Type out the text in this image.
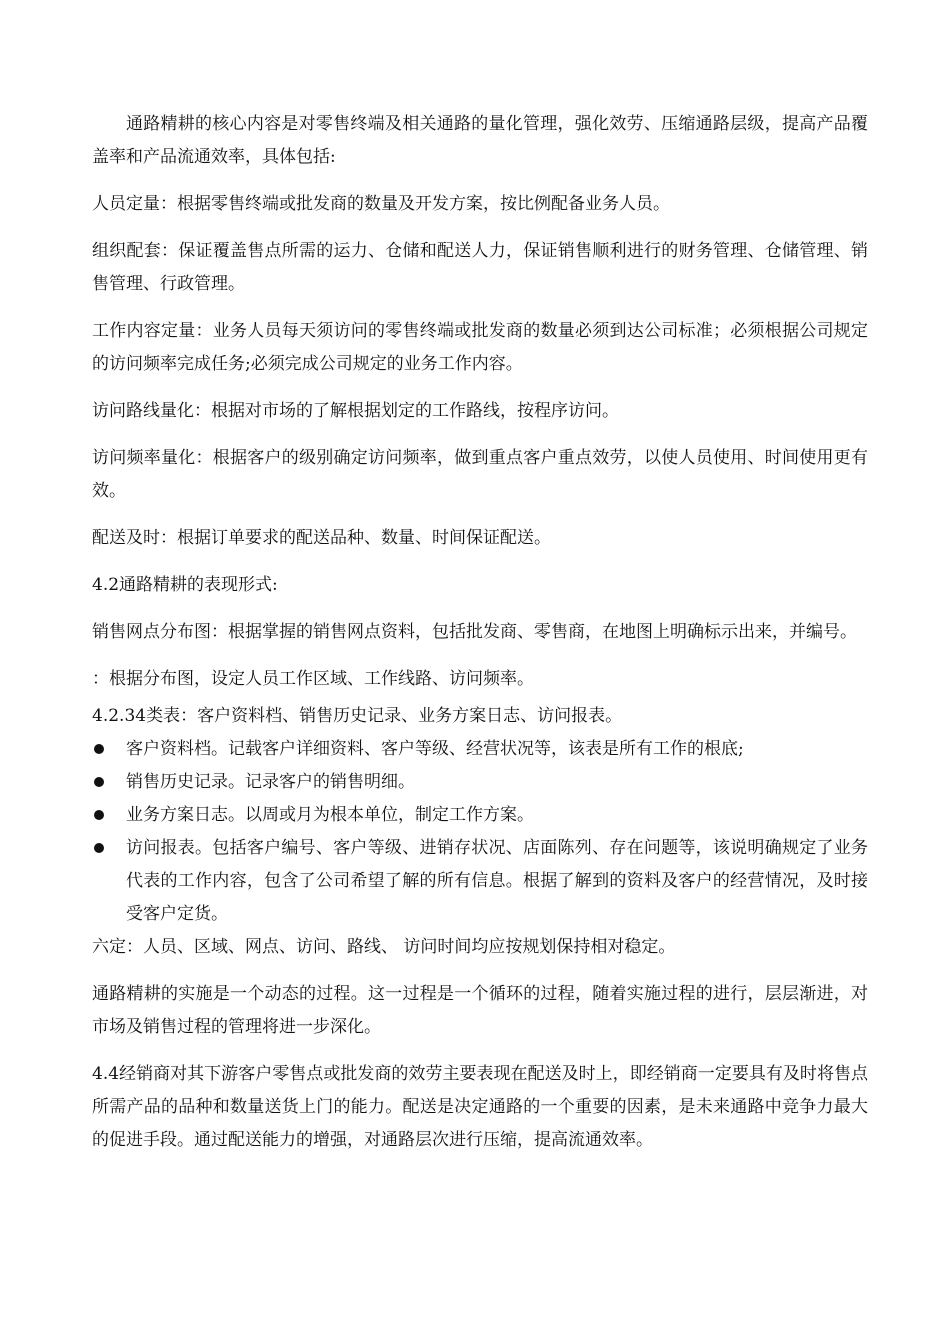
通路精耕的核心内容是对零售终端及相关通路的量化管理，强化效劳、压缩通路层级，提高产品覆盖率和产品流通效率，具体包括:

人员定量：根据零售终端或批发商的数量及开发方案，按比例配备业务人员。

组织配套：保证覆盖售点所需的运力、仓储和配送人力，保证销售顺利进行的财务管理、仓储管理、销售管理、行政管理。

工作内容定量：业务人员每天须访问的零售终端或批发商的数量必须到达公司标准；必须根据公司规定的访问频率完成任务;必须完成公司规定的业务工作内容。

访问路线量化：根据对市场的了解根据划定的工作路线，按程序访问。

访问频率量化：根据客户的级别确定访问频率，做到重点客户重点效劳，以使人员使用、时间使用更有效。

配送及时：根据订单要求的配送品种、数量、时间保证配送。

4.2通路精耕的表现形式:

销售网点分布图：根据掌握的销售网点资料，包括批发商、零售商，在地图上明确标示出来，并编号。

：根据分布图，设定人员工作区域、工作线路、访问频率。

4.2.34类表：客户资料档、销售历史记录、业务方案日志、访问报表。

客户资料档。记载客户详细资料、客户等级、经营状况等，该表是所有工作的根底;
销售历史记录。记录客户的销售明细。
业务方案日志。以周或月为根本单位，制定工作方案。
访问报表。包括客户编号、客户等级、进销存状况、店面陈列、存在问题等，该说明确规定了业务代表的工作内容，包含了公司希望了解的所有信息。根据了解到的资料及客户的经营情况，及时接受客户定货。

六定：人员、区域、网点、访问、路线、 访问时间均应按规划保持相对稳定。

通路精耕的实施是一个动态的过程。这一过程是一个循环的过程，随着实施过程的进行，层层渐进，对市场及销售过程的管理将进一步深化。

4.4经销商对其下游客户零售点或批发商的效劳主要表现在配送及时上，即经销商一定要具有及时将售点所需产品的品种和数量送货上门的能力。配送是决定通路的一个重要的因素，是未来通路中竞争力最大的促进手段。通过配送能力的增强，对通路层次进行压缩，提高流通效率。
